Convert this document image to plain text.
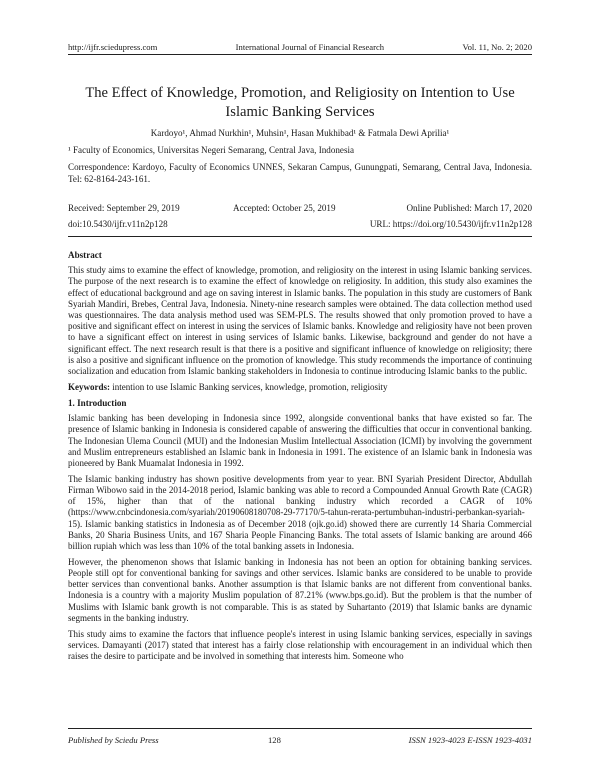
http://ijfr.sciedupress.com	International Journal of Financial Research	Vol. 11, No. 2; 2020
The Effect of Knowledge, Promotion, and Religiosity on Intention to Use Islamic Banking Services
Kardoyo¹, Ahmad Nurkhin¹, Muhsin¹, Hasan Mukhibad¹ & Fatmala Dewi Aprilia¹
¹ Faculty of Economics, Universitas Negeri Semarang, Central Java, Indonesia
Correspondence: Kardoyo, Faculty of Economics UNNES, Sekaran Campus, Gunungpati, Semarang, Central Java, Indonesia. Tel: 62-8164-243-161.
Received: September 29, 2019	Accepted: October 25, 2019	Online Published: March 17, 2020
doi:10.5430/ijfr.v11n2p128	URL: https://doi.org/10.5430/ijfr.v11n2p128
Abstract

This study aims to examine the effect of knowledge, promotion, and religiosity on the interest in using Islamic banking services. The purpose of the next research is to examine the effect of knowledge on religiosity. In addition, this study also examines the effect of educational background and age on saving interest in Islamic banks. The population in this study are customers of Bank Syariah Mandiri, Brebes, Central Java, Indonesia. Ninety-nine research samples were obtained. The data collection method used was questionnaires. The data analysis method used was SEM-PLS. The results showed that only promotion proved to have a positive and significant effect on interest in using the services of Islamic banks. Knowledge and religiosity have not been proven to have a significant effect on interest in using services of Islamic banks. Likewise, background and gender do not have a significant effect. The next research result is that there is a positive and significant influence of knowledge on religiosity; there is also a positive and significant influence on the promotion of knowledge. This study recommends the importance of continuing socialization and education from Islamic banking stakeholders in Indonesia to continue introducing Islamic banks to the public.

Keywords: intention to use Islamic Banking services, knowledge, promotion, religiosity

1. Introduction

Islamic banking has been developing in Indonesia since 1992, alongside conventional banks that have existed so far. The presence of Islamic banking in Indonesia is considered capable of answering the difficulties that occur in conventional banking. The Indonesian Ulema Council (MUI) and the Indonesian Muslim Intellectual Association (ICMI) by involving the government and Muslim entrepreneurs established an Islamic bank in Indonesia in 1991. The existence of an Islamic bank in Indonesia was pioneered by Bank Muamalat Indonesia in 1992.

The Islamic banking industry has shown positive developments from year to year. BNI Syariah President Director, Abdullah Firman Wibowo said in the 2014-2018 period, Islamic banking was able to record a Compounded Annual Growth Rate (CAGR) of 15%, higher than that of the national banking industry which recorded a CAGR of 10% (https://www.cnbcindonesia.com/syariah/20190608180708-29-77170/5-tahun-rerata-pertumbuhan-industri-perbankan-syariah-15). Islamic banking statistics in Indonesia as of December 2018 (ojk.go.id) showed there are currently 14 Sharia Commercial Banks, 20 Sharia Business Units, and 167 Sharia People Financing Banks. The total assets of Islamic banking are around 466 billion rupiah which was less than 10% of the total banking assets in Indonesia.

However, the phenomenon shows that Islamic banking in Indonesia has not been an option for obtaining banking services. People still opt for conventional banking for savings and other services. Islamic banks are considered to be unable to provide better services than conventional banks. Another assumption is that Islamic banks are not different from conventional banks. Indonesia is a country with a majority Muslim population of 87.21% (www.bps.go.id). But the problem is that the number of Muslims with Islamic bank growth is not comparable. This is as stated by Suhartanto (2019) that Islamic banks are dynamic segments in the banking industry.

This study aims to examine the factors that influence people's interest in using Islamic banking services, especially in savings services. Damayanti (2017) stated that interest has a fairly close relationship with encouragement in an individual which then raises the desire to participate and be involved in something that interests him. Someone who

Published by Sciedu Press	128	ISSN 1923-4023 E-ISSN 1923-4031
